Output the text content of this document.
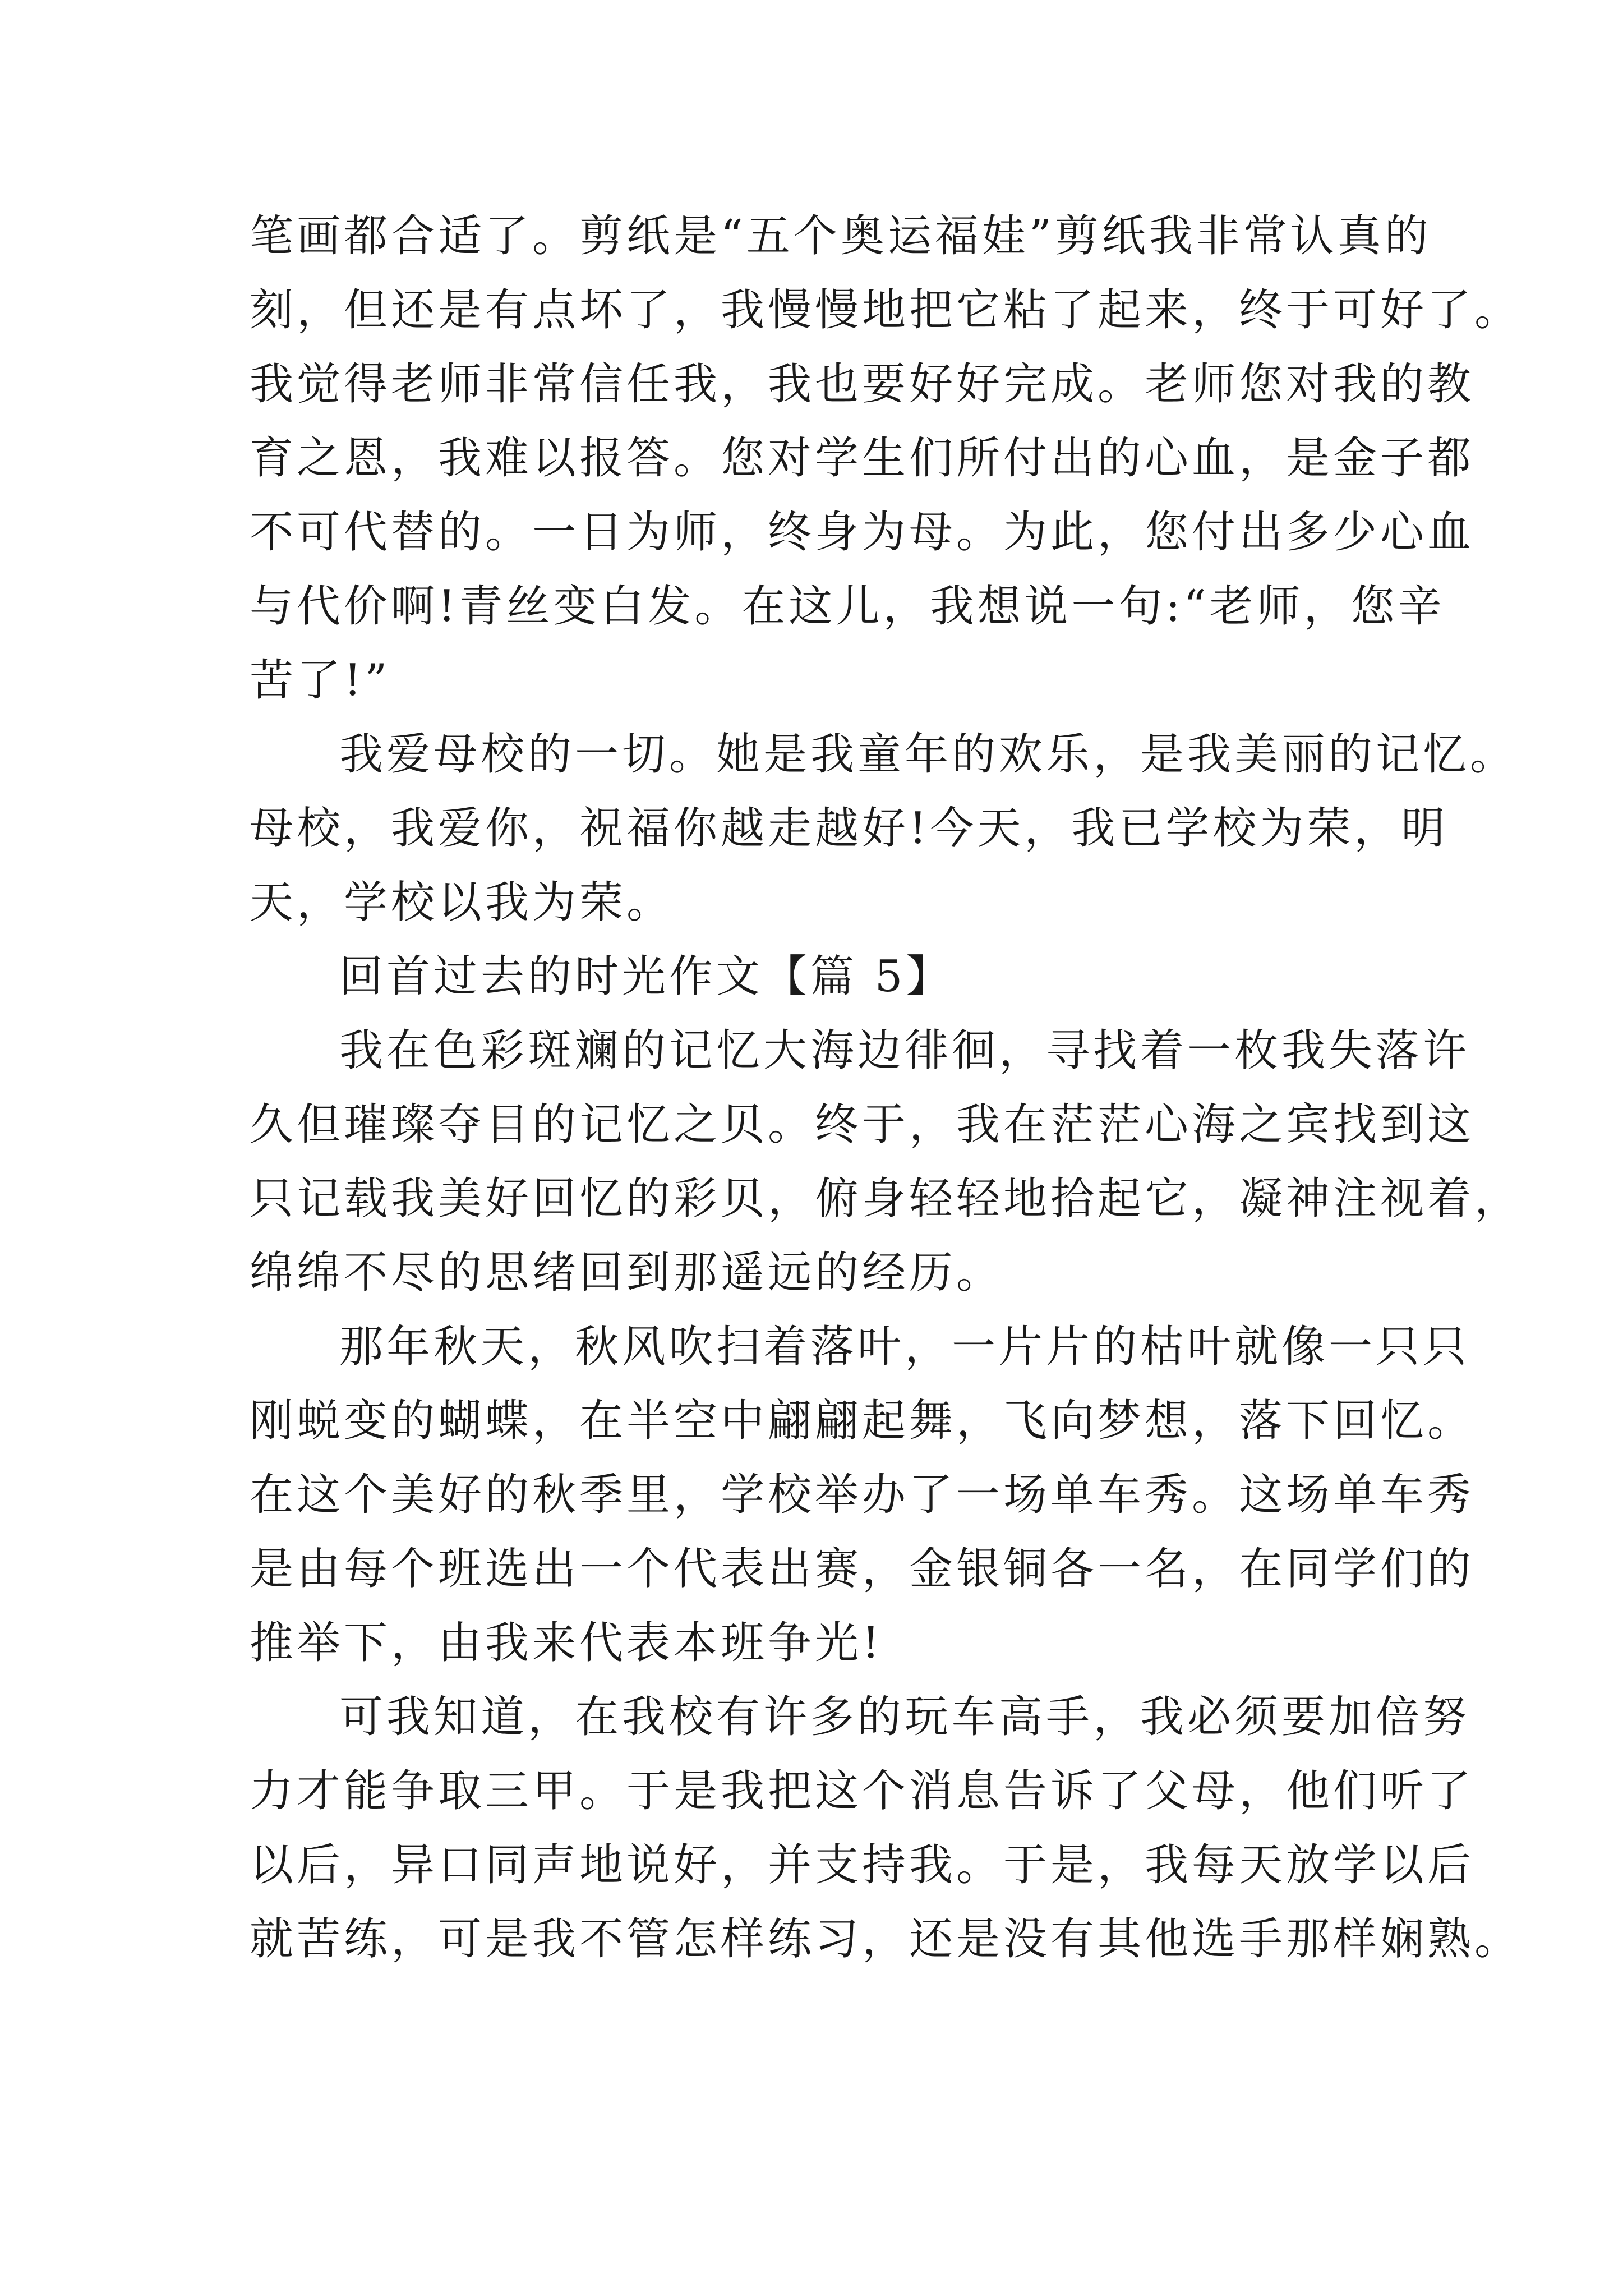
笔画都合适了。剪纸是“五个奥运福娃”剪纸我非常认真的
刻，但还是有点坏了，我慢慢地把它粘了起来，终于可好了。
我觉得老师非常信任我，我也要好好完成。老师您对我的教
育之恩，我难以报答。您对学生们所付出的心血，是金子都
不可代替的。一日为师，终身为母。为此，您付出多少心血
与代价啊!青丝变白发。在这儿，我想说一句:“老师，您辛
苦了!”
我爱母校的一切。她是我童年的欢乐，是我美丽的记忆。
母校，我爱你，祝福你越走越好!今天，我已学校为荣，明
天，学校以我为荣。
回首过去的时光作文【篇 5】
我在色彩斑斓的记忆大海边徘徊，寻找着一枚我失落许
久但璀璨夺目的记忆之贝。终于，我在茫茫心海之宾找到这
只记载我美好回忆的彩贝，俯身轻轻地拾起它，凝神注视着，
绵绵不尽的思绪回到那遥远的经历。
那年秋天，秋风吹扫着落叶，一片片的枯叶就像一只只
刚蜕变的蝴蝶，在半空中翩翩起舞，飞向梦想，落下回忆。
在这个美好的秋季里，学校举办了一场单车秀。这场单车秀
是由每个班选出一个代表出赛，金银铜各一名，在同学们的
推举下，由我来代表本班争光!
可我知道，在我校有许多的玩车高手，我必须要加倍努
力才能争取三甲。于是我把这个消息告诉了父母，他们听了
以后，异口同声地说好，并支持我。于是，我每天放学以后
就苦练，可是我不管怎样练习，还是没有其他选手那样娴熟。
